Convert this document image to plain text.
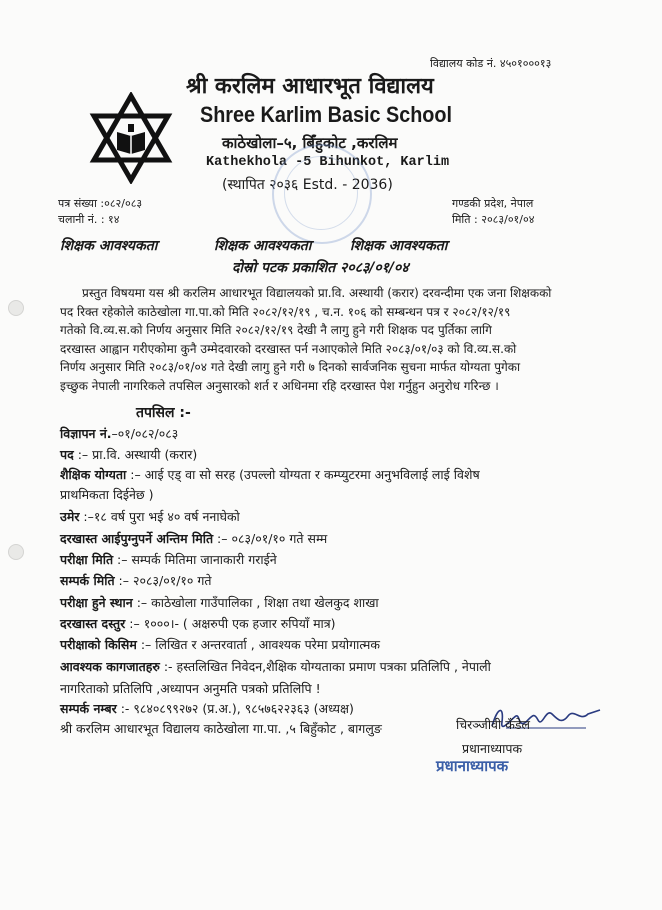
विद्यालय कोड नं. ४५०१०००१३
श्री करलिम आधारभूत विद्यालय
Shree Karlim Basic School
काठेखोला–५, बिँहुकोट ,करलिम
Kathekhola -5 Bihunkot, Karlim
(स्थापित २०३६ Estd. - 2036)
पत्र संख्या :०८२/०८३
चलानी नं. : १४
गण्डकी प्रदेश, नेपाल
मिति : २०८३/०१/०४
शिक्षक आवश्यकता	शिक्षक आवश्यकता	शिक्षक आवश्यकता
दोस्रो पटक प्रकाशित २०८३/०१/०४
प्रस्तुत विषयमा यस श्री करलिम आधारभूत विद्यालयको प्रा.वि. अस्थायी (करार) दरवन्दीमा एक जना शिक्षकको
पद रिक्त रहेकोले काठेखोला गा.पा.को मिति २०८२/१२/१९ , च.न. १०६ को सम्बन्धन पत्र र २०८२/१२/१९
गतेको वि.व्य.स.को निर्णय अनुसार मिति २०८२/१२/१९ देखी नै लागु हुने गरी शिक्षक पद पुर्तिका लागि
दरखास्त आह्वान गरीएकोमा कुनै उम्मेदवारको दरखास्त पर्न नआएकोले मिति २०८३/०१/०३ को वि.व्य.स.को
निर्णय अनुसार मिति २०८३/०१/०४ गते देखी लागु हुने गरी ७ दिनको सार्वजनिक सुचना मार्फत योग्यता पुगेका
इच्छुक नेपाली नागरिकले तपसिल अनुसारको शर्त र अधिनमा रहि दरखास्त पेश गर्नुहुन अनुरोध गरिन्छ ।
तपसिल :-
विज्ञापन नं.–०१/०८२/०८३
पद :– प्रा.वि. अस्थायी (करार)
शैक्षिक योग्यता :– आई एड् वा सो सरह (उपल्लो योग्यता र कम्प्युटरमा अनुभविलाई लाई विशेष
प्राथमिकता दिईनेछ )
उमेर :–१८ वर्ष पुरा भई ४० वर्ष ननाघेको
दरखास्त आईपुग्नुपर्ने अन्तिम मिति :– ०८३/०१/१० गते सम्म
परीक्षा मिति :– सम्पर्क मितिमा जानाकारी गराईने
सम्पर्क मिति :– २०८३/०१/१० गते
परीक्षा हुने स्थान :– काठेखोला गाउँपालिका , शिक्षा तथा खेलकुद शाखा
दरखास्त दस्तुर :– १०००।- ( अक्षरुपी एक हजार रुपियाँ मात्र)
परीक्षाको किसिम :– लिखित र अन्तरवार्ता , आवश्यक परेमा प्रयोगात्मक
आवश्यक कागजातहरु :- हस्तलिखित निवेदन,शैक्षिक योग्यताका प्रमाण पत्रका प्रतिलिपि , नेपाली
नागरिताको प्रतिलिपि ,अध्यापन अनुमति पत्रको प्रतिलिपि !
सम्पर्क नम्बर :- ९८४०८९९२७२ (प्र.अ.), ९८५७६२२३६३ (अध्यक्ष)
श्री करलिम आधारभूत विद्यालय काठेखोला गा.पा. ,५ बिहुँकोट , बागलुङ	चिरञ्जीवी कँडेल
प्रधानाध्यापक
प्रधानाध्यापक
